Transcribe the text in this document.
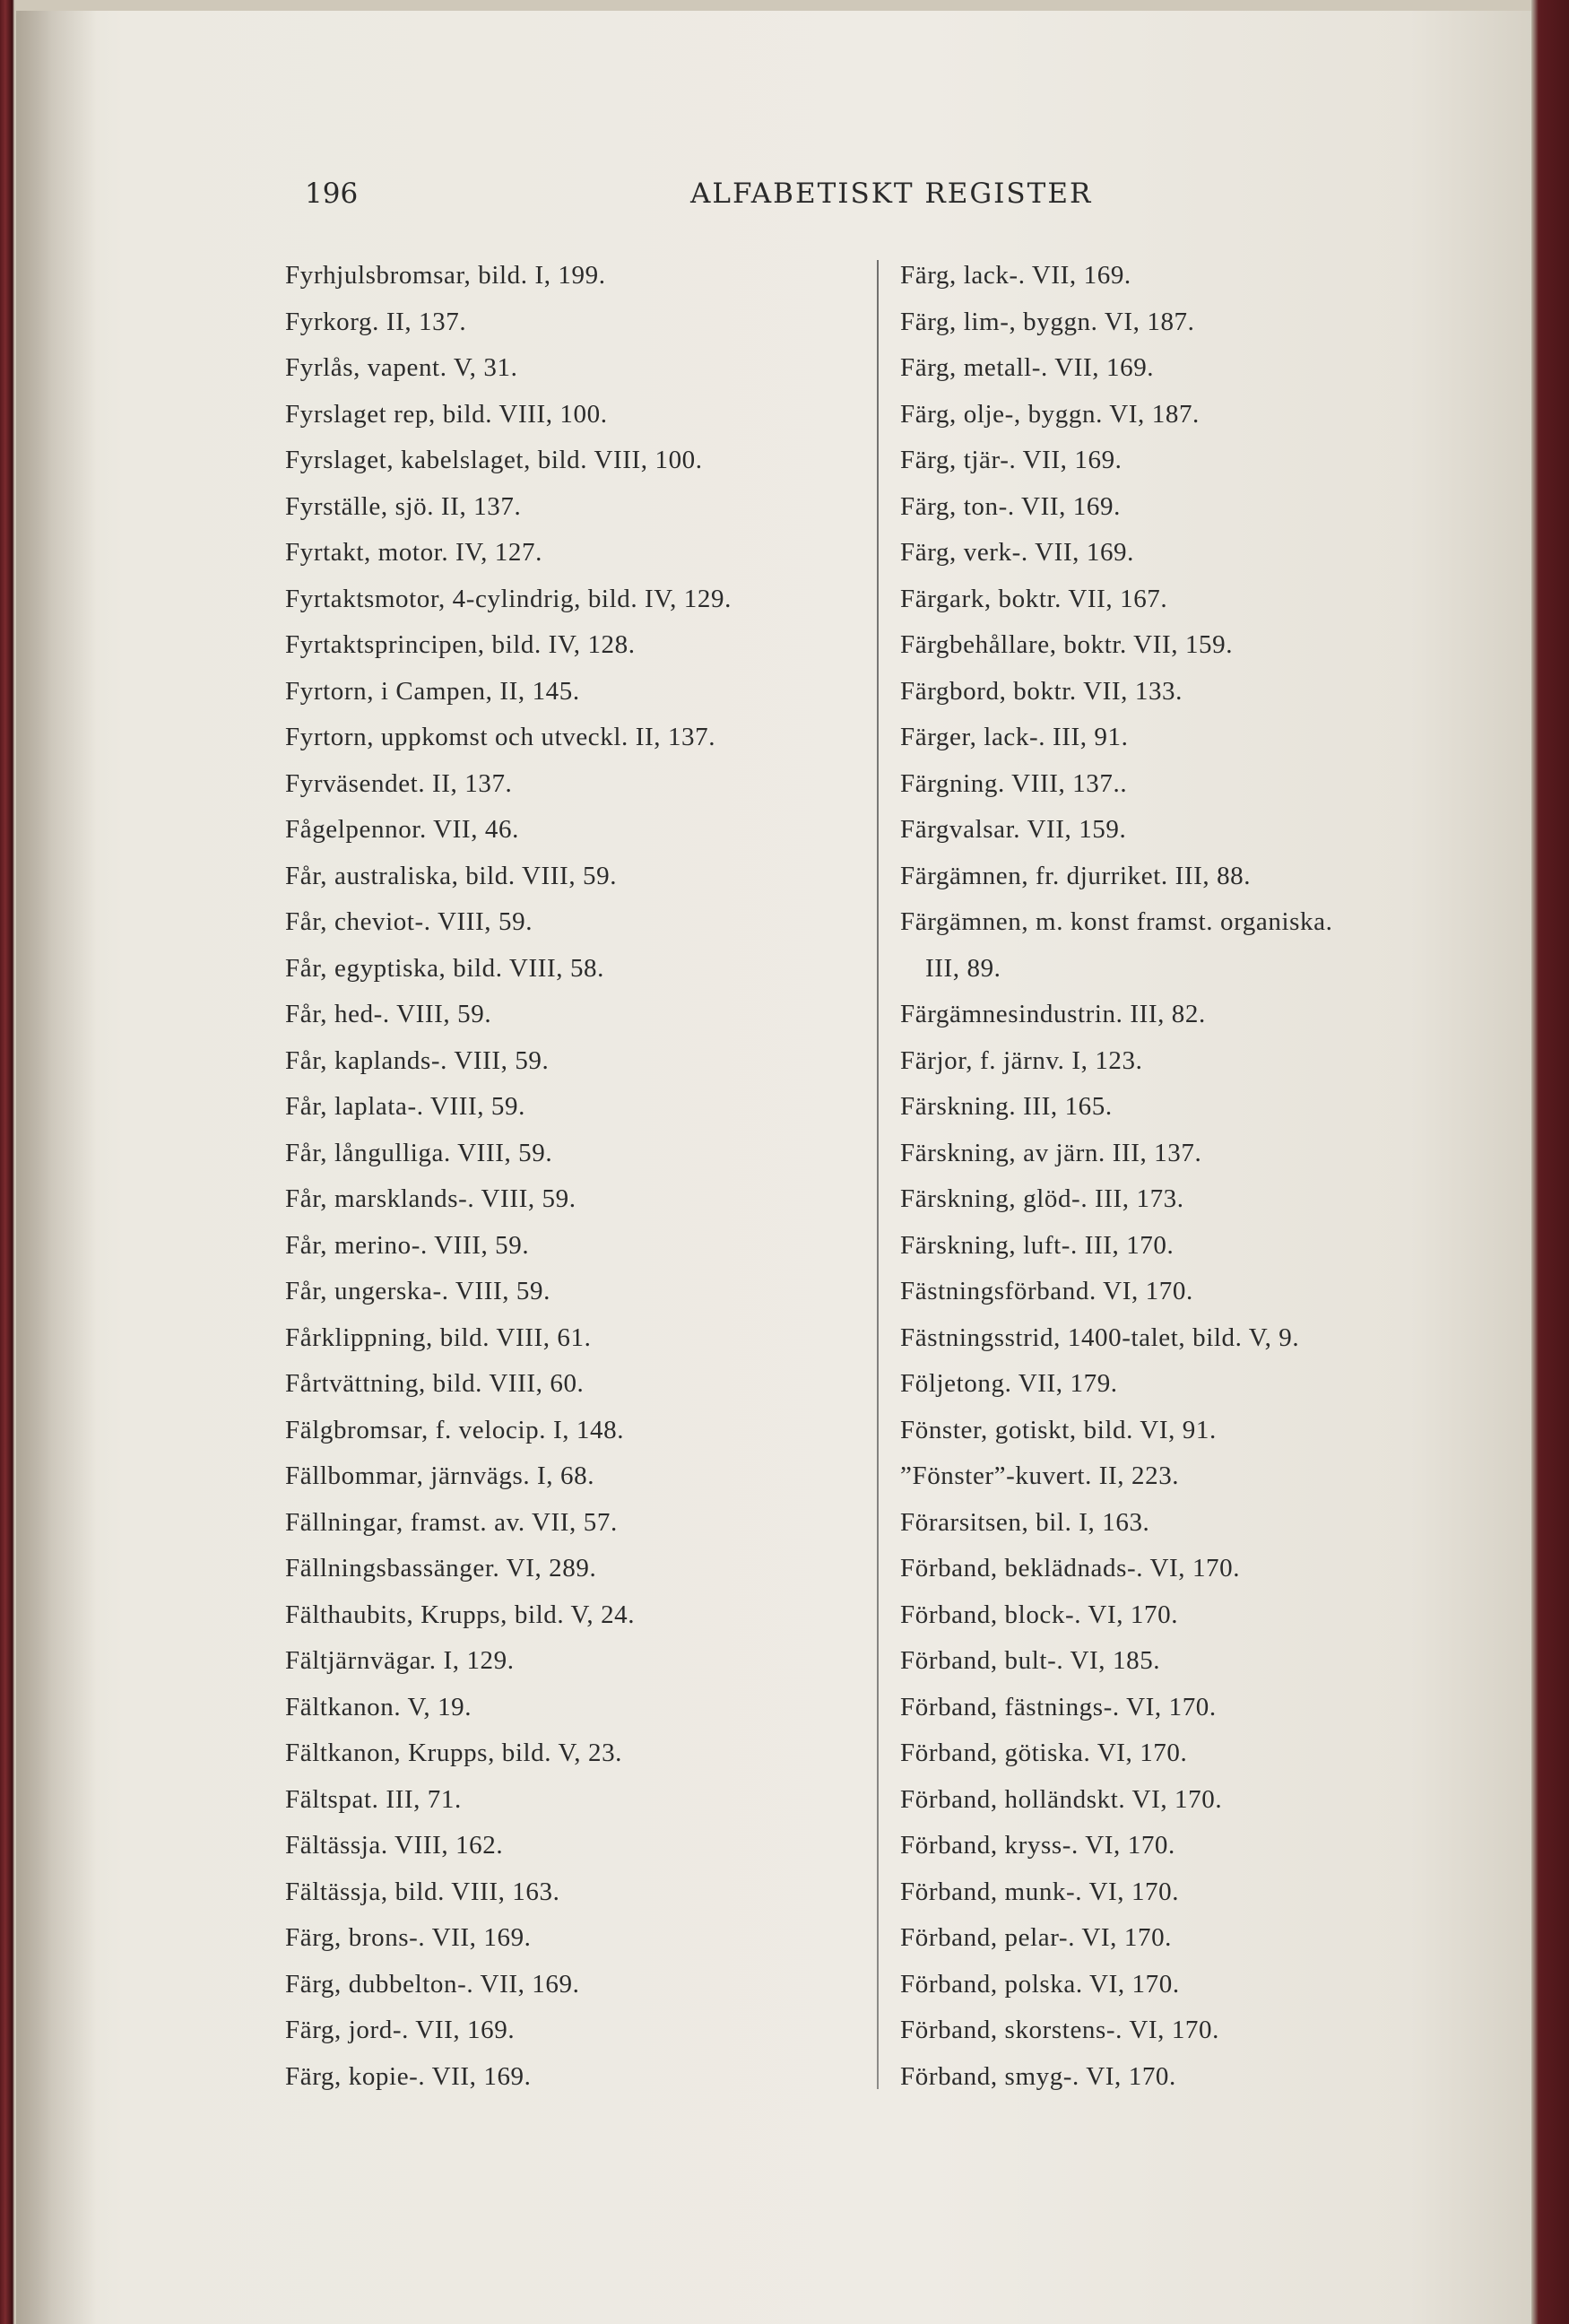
196	ALFABETISKT REGISTER
Fyrhjulsbromsar, bild. I, 199.
Fyrkorg. II, 137.
Fyrlås, vapent. V, 31.
Fyrslaget rep, bild. VIII, 100.
Fyrslaget, kabelslaget, bild. VIII, 100.
Fyrställe, sjö. II, 137.
Fyrtakt, motor. IV, 127.
Fyrtaktsmotor, 4-cylindrig, bild. IV, 129.
Fyrtaktsprincipen, bild. IV, 128.
Fyrtorn, i Campen, II, 145.
Fyrtorn, uppkomst och utveckl. II, 137.
Fyrväsendet. II, 137.
Fågelpennor. VII, 46.
Får, australiska, bild. VIII, 59.
Får, cheviot-. VIII, 59.
Får, egyptiska, bild. VIII, 58.
Får, hed-. VIII, 59.
Får, kaplands-. VIII, 59.
Får, laplata-. VIII, 59.
Får, långulliga. VIII, 59.
Får, marsklands-. VIII, 59.
Får, merino-. VIII, 59.
Får, ungerska-. VIII, 59.
Fårklippning, bild. VIII, 61.
Fårtvättning, bild. VIII, 60.
Fälgbromsar, f. velocip. I, 148.
Fällbommar, järnvägs. I, 68.
Fällningar, framst. av. VII, 57.
Fällningsbassänger. VI, 289.
Fälthaubits, Krupps, bild. V, 24.
Fältjärnvägar. I, 129.
Fältkanon. V, 19.
Fältkanon, Krupps, bild. V, 23.
Fältspat. III, 71.
Fältässja. VIII, 162.
Fältässja, bild. VIII, 163.
Färg, brons-. VII, 169.
Färg, dubbelton-. VII, 169.
Färg, jord-. VII, 169.
Färg, kopie-. VII, 169.
Färg, lack-. VII, 169.
Färg, lim-, byggn. VI, 187.
Färg, metall-. VII, 169.
Färg, olje-, byggn. VI, 187.
Färg, tjär-. VII, 169.
Färg, ton-. VII, 169.
Färg, verk-. VII, 169.
Färgark, boktr. VII, 167.
Färgbehållare, boktr. VII, 159.
Färgbord, boktr. VII, 133.
Färger, lack-. III, 91.
Färgning. VIII, 137..
Färgvalsar. VII, 159.
Färgämnen, fr. djurriket. III, 88.
Färgämnen, m. konst framst. organiska.
III, 89.
Färgämnesindustrin. III, 82.
Färjor, f. järnv. I, 123.
Färskning. III, 165.
Färskning, av järn. III, 137.
Färskning, glöd-. III, 173.
Färskning, luft-. III, 170.
Fästningsförband. VI, 170.
Fästningsstrid, 1400-talet, bild. V, 9.
Följetong. VII, 179.
Fönster, gotiskt, bild. VI, 91.
”Fönster”-kuvert. II, 223.
Förarsitsen, bil. I, 163.
Förband, beklädnads-. VI, 170.
Förband, block-. VI, 170.
Förband, bult-. VI, 185.
Förband, fästnings-. VI, 170.
Förband, götiska. VI, 170.
Förband, holländskt. VI, 170.
Förband, kryss-. VI, 170.
Förband, munk-. VI, 170.
Förband, pelar-. VI, 170.
Förband, polska. VI, 170.
Förband, skorstens-. VI, 170.
Förband, smyg-. VI, 170.
